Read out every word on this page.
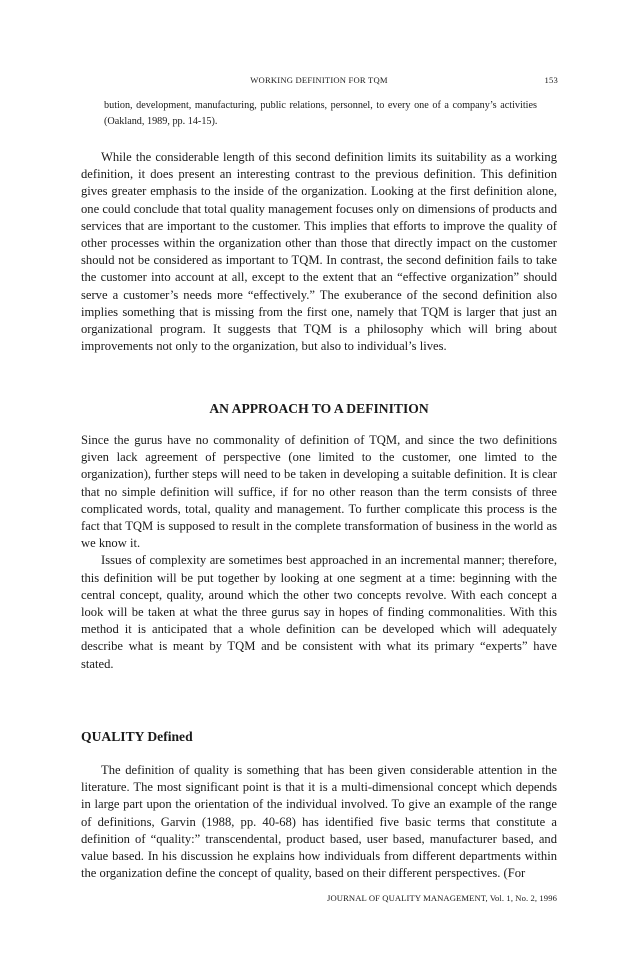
WORKING DEFINITION FOR TQM	153
bution, development, manufacturing, public relations, personnel, to every one of a company’s activities (Oakland, 1989, pp. 14-15).

While the considerable length of this second definition limits its suitability as a working definition, it does present an interesting contrast to the previous definition. This definition gives greater emphasis to the inside of the organization. Looking at the first definition alone, one could conclude that total quality management focuses only on dimensions of products and services that are important to the customer. This implies that efforts to improve the quality of other processes within the organization other than those that directly impact on the customer should not be considered as important to TQM. In contrast, the second definition fails to take the customer into account at all, except to the extent that an “effective organization” should serve a customer’s needs more “effectively.” The exuberance of the second definition also implies something that is missing from the first one, namely that TQM is larger that just an organizational program. It suggests that TQM is a philosophy which will bring about improvements not only to the organization, but also to individual’s lives.

AN APPROACH TO A DEFINITION

Since the gurus have no commonality of definition of TQM, and since the two definitions given lack agreement of perspective (one limited to the customer, one limted to the organization), further steps will need to be taken in developing a suitable definition. It is clear that no simple definition will suffice, if for no other reason than the term consists of three complicated words, total, quality and management. To further complicate this process is the fact that TQM is supposed to result in the complete transformation of business in the world as we know it.

Issues of complexity are sometimes best approached in an incremental manner; therefore, this definition will be put together by looking at one segment at a time: beginning with the central concept, quality, around which the other two concepts revolve. With each concept a look will be taken at what the three gurus say in hopes of finding commonalities. With this method it is anticipated that a whole definition can be developed which will adequately describe what is meant by TQM and be consistent with what its primary “experts” have stated.

QUALITY Defined

The definition of quality is something that has been given considerable attention in the literature. The most significant point is that it is a multi-dimensional concept which depends in large part upon the orientation of the individual involved. To give an example of the range of definitions, Garvin (1988, pp. 40-68) has identified five basic terms that constitute a definition of “quality:” transcendental, product based, user based, manufacturer based, and value based. In his discussion he explains how individuals from different departments within the organization define the concept of quality, based on their different perspectives. (For

JOURNAL OF QUALITY MANAGEMENT, Vol. 1, No. 2, 1996
